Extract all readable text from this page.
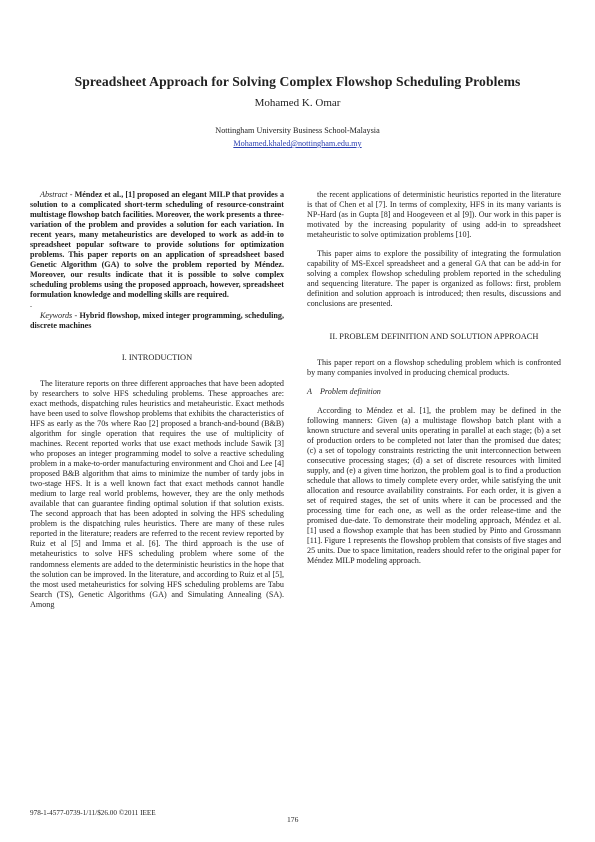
Spreadsheet Approach for Solving Complex Flowshop Scheduling Problems
Mohamed K. Omar
Nottingham University Business School-Malaysia
Mohamed.khaled@nottingham.edu.my

Abstract - Méndez et al., [1] proposed an elegant MILP that provides a solution to a complicated short-term scheduling of resource-constraint multistage flowshop batch facilities. Moreover, the work presents a three-variation of the problem and provides a solution for each variation. In recent years, many metaheuristics are developed to work as add-in to spreadsheet popular software to provide solutions for optimization problems. This paper reports on an application of spreadsheet based Genetic Algorithm (GA) to solve the problem reported by Méndez. Moreover, our results indicate that it is possible to solve complex scheduling problems using the proposed approach, however, spreadsheet formulation knowledge and modelling skills are required.

.

Keywords - Hybrid flowshop, mixed integer programming, scheduling, discrete machines

I. INTRODUCTION

The literature reports on three different approaches that have been adopted by researchers to solve HFS scheduling problems. These approaches are: exact methods, dispatching rules heuristics and metaheuristic. Exact methods have been used to solve flowshop problems that exhibits the characteristics of HFS as early as the 70s where Rao [2] proposed a branch-and-bound (B&B) algorithm for single operation that requires the use of multiplicity of machines. Recent reported works that use exact methods include Sawik [3] who proposes an integer programming model to solve a reactive scheduling problem in a make-to-order manufacturing environment and Choi and Lee [4] proposed B&B algorithm that aims to minimize the number of tardy jobs in two-stage HFS. It is a well known fact that exact methods cannot handle medium to large real world problems, however, they are the only methods available that can guarantee finding optimal solution if that solution exists. The second approach that has been adopted in solving the HFS scheduling problem is the dispatching rules heuristics. There are many of these rules reported in the literature; readers are referred to the recent review reported by Ruiz et al [5] and Imma et al. [6]. The third approach is the use of metaheuristics to solve HFS scheduling problem where some of the randomness elements are added to the deterministic heuristics in the hope that the solution can be improved. In the literature, and according to Ruiz et al [5], the most used metaheuristics for solving HFS scheduling problems are Tabu Search (TS), Genetic Algorithms (GA) and Simulating Annealing (SA). Among

the recent applications of deterministic heuristics reported in the literature is that of Chen et al [7]. In terms of complexity, HFS in its many variants is NP-Hard (as in Gupta [8] and Hoogeveen et al [9]). Our work in this paper is motivated by the increasing popularity of using add-in to spreadsheet metaheuristic to solve optimization problems [10].

This paper aims to explore the possibility of integrating the formulation capability of MS-Excel spreadsheet and a general GA that can be add-in for solving a complex flowshop scheduling problem reported in the scheduling and sequencing literature. The paper is organized as follows: first, problem definition and solution approach is introduced; then results, discussions and conclusions are presented.

II. PROBLEM DEFINITION AND SOLUTION APPROACH

This paper report on a flowshop scheduling problem which is confronted by many companies involved in producing chemical products.

A Problem definition

According to Méndez et al. [1], the problem may be defined in the following manners: Given (a) a multistage flowshop batch plant with a known structure and several units operating in parallel at each stage; (b) a set of production orders to be completed not later than the promised due dates; (c) a set of topology constraints restricting the unit interconnection between consecutive processing stages; (d) a set of discrete resources with limited supply, and (e) a given time horizon, the problem goal is to find a production schedule that allows to timely complete every order, while satisfying the unit allocation and resource availability constraints. For each order, it is given a set of required stages, the set of units where it can be processed and the processing time for each one, as well as the order release-time and the promised due-date. To demonstrate their modeling approach, Méndez et al. [1] used a flowshop example that has been studied by Pinto and Grossmann [11]. Figure 1 represents the flowshop problem that consists of five stages and 25 units. Due to space limitation, readers should refer to the original paper for Méndez MILP modeling approach.

978-1-4577-0739-1/11/$26.00 ©2011 IEEE
176
